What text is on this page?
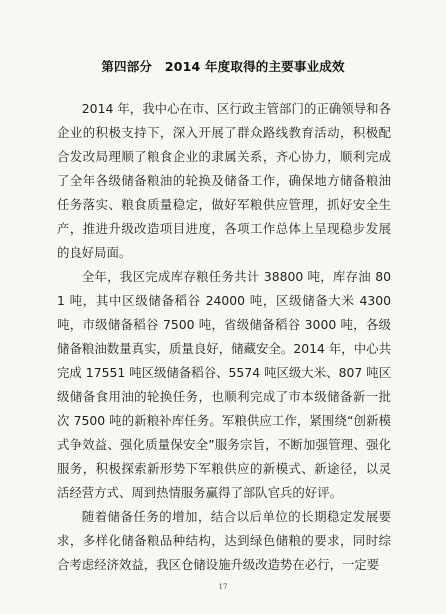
第四部分　2014 年度取得的主要事业成效

2014 年，我中心在市、区行政主管部门的正确领导和各企业的积极支持下，深入开展了群众路线教育活动，积极配合发改局理顺了粮食企业的隶属关系，齐心协力，顺利完成了全年各级储备粮油的轮换及储备工作，确保地方储备粮油任务落实、粮食质量稳定，做好军粮供应管理，抓好安全生产，推进升级改造项目进度，各项工作总体上呈现稳步发展的良好局面。

全年，我区完成库存粮任务共计 38800 吨，库存油 801 吨，其中区级储备稻谷 24000 吨，区级储备大米 4300 吨，市级储备稻谷 7500 吨，省级储备稻谷 3000 吨，各级储备粮油数量真实，质量良好，储藏安全。2014 年，中心共完成 17551 吨区级储备稻谷、5574 吨区级大米、807 吨区级储备食用油的轮换任务，也顺利完成了市本级储备新一批次 7500 吨的新粮补库任务。军粮供应工作，紧围绕“创新模式争效益、强化质量保安全”服务宗旨，不断加强管理、强化服务，积极探索新形势下军粮供应的新模式、新途径，以灵活经营方式、周到热情服务赢得了部队官兵的好评。

随着储备任务的增加，结合以后单位的长期稳定发展要求，多样化储备粮品种结构，达到绿色储粮的要求，同时综合考虑经济效益，我区仓储设施升级改造势在必行，一定要

17
